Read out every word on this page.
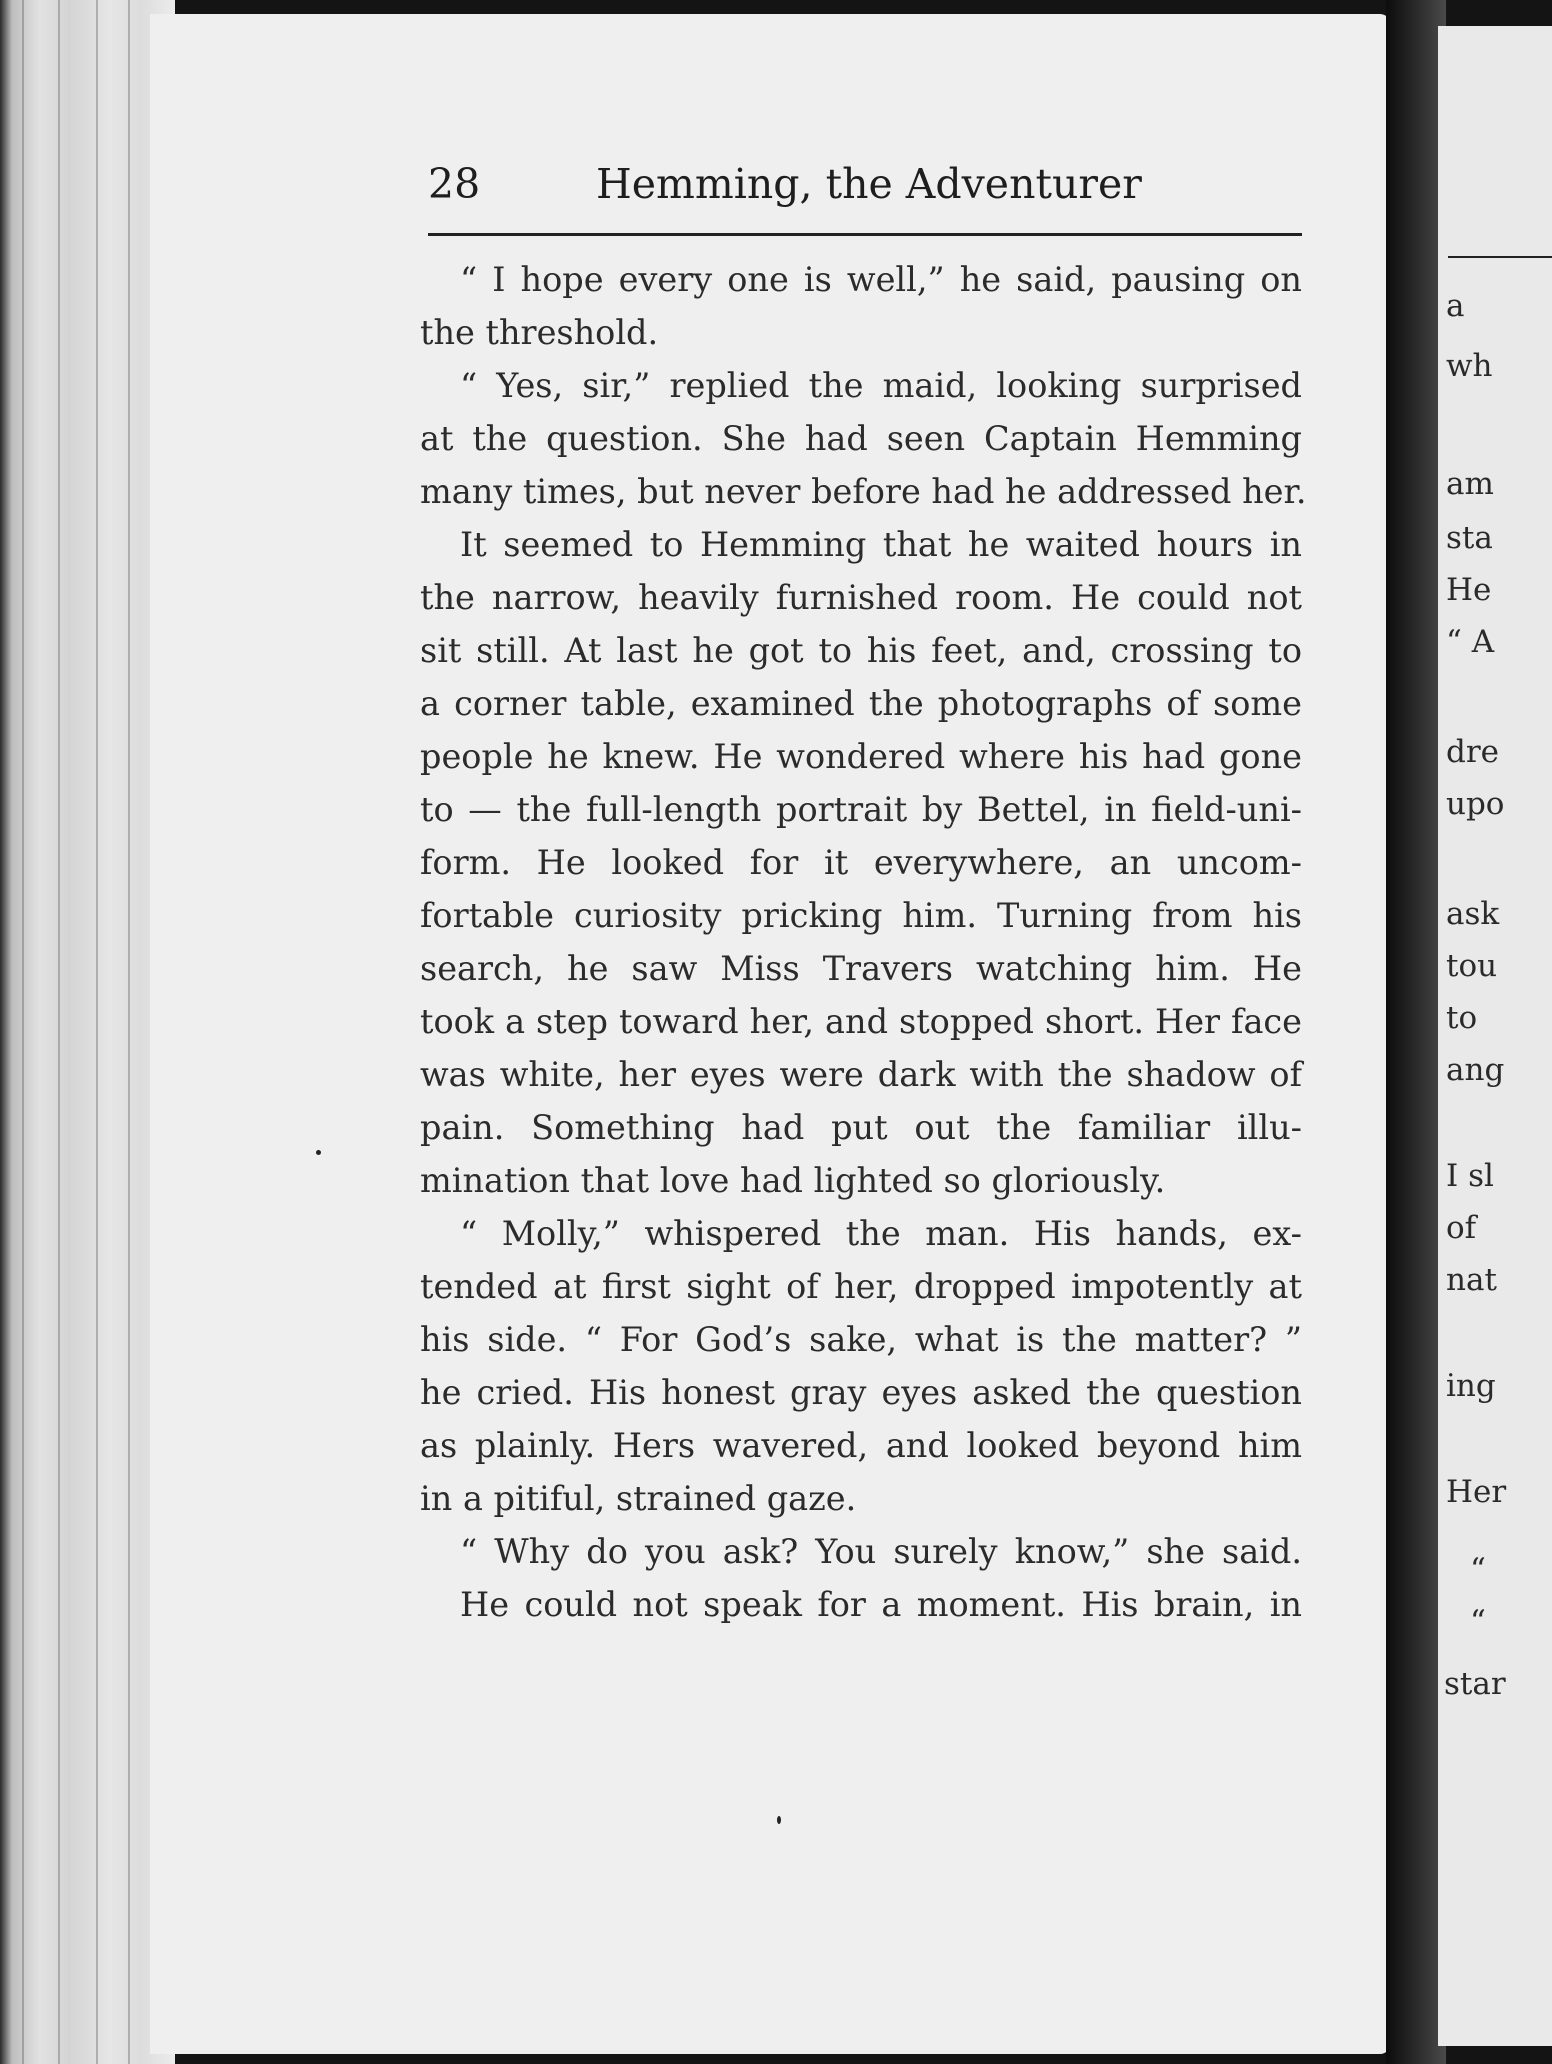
28	Hemming, the Adventurer
“ I hope every one is well,” he said, pausing on
the threshold.
“ Yes, sir,” replied the maid, looking surprised
at the question. She had seen Captain Hemming
many times, but never before had he addressed her.
It seemed to Hemming that he waited hours in
the narrow, heavily furnished room. He could not
sit still. At last he got to his feet, and, crossing to
a corner table, examined the photographs of some
people he knew. He wondered where his had gone
to — the full-length portrait by Bettel, in field-uni-
form. He looked for it everywhere, an uncom-
fortable curiosity pricking him. Turning from his
search, he saw Miss Travers watching him. He
took a step toward her, and stopped short. Her face
was white, her eyes were dark with the shadow of
pain. Something had put out the familiar illu-
mination that love had lighted so gloriously.
“ Molly,” whispered the man. His hands, ex-
tended at first sight of her, dropped impotently at
his side. “ For God’s sake, what is the matter? ”
he cried. His honest gray eyes asked the question
as plainly. Hers wavered, and looked beyond him
in a pitiful, strained gaze.
“ Why do you ask? You surely know,” she said.
He could not speak for a moment. His brain, in
a
wh
am
sta
He
“ A
dre
upo
ask
tou
to
ang
I sl
of
nat
ing
Her
“
“
star
